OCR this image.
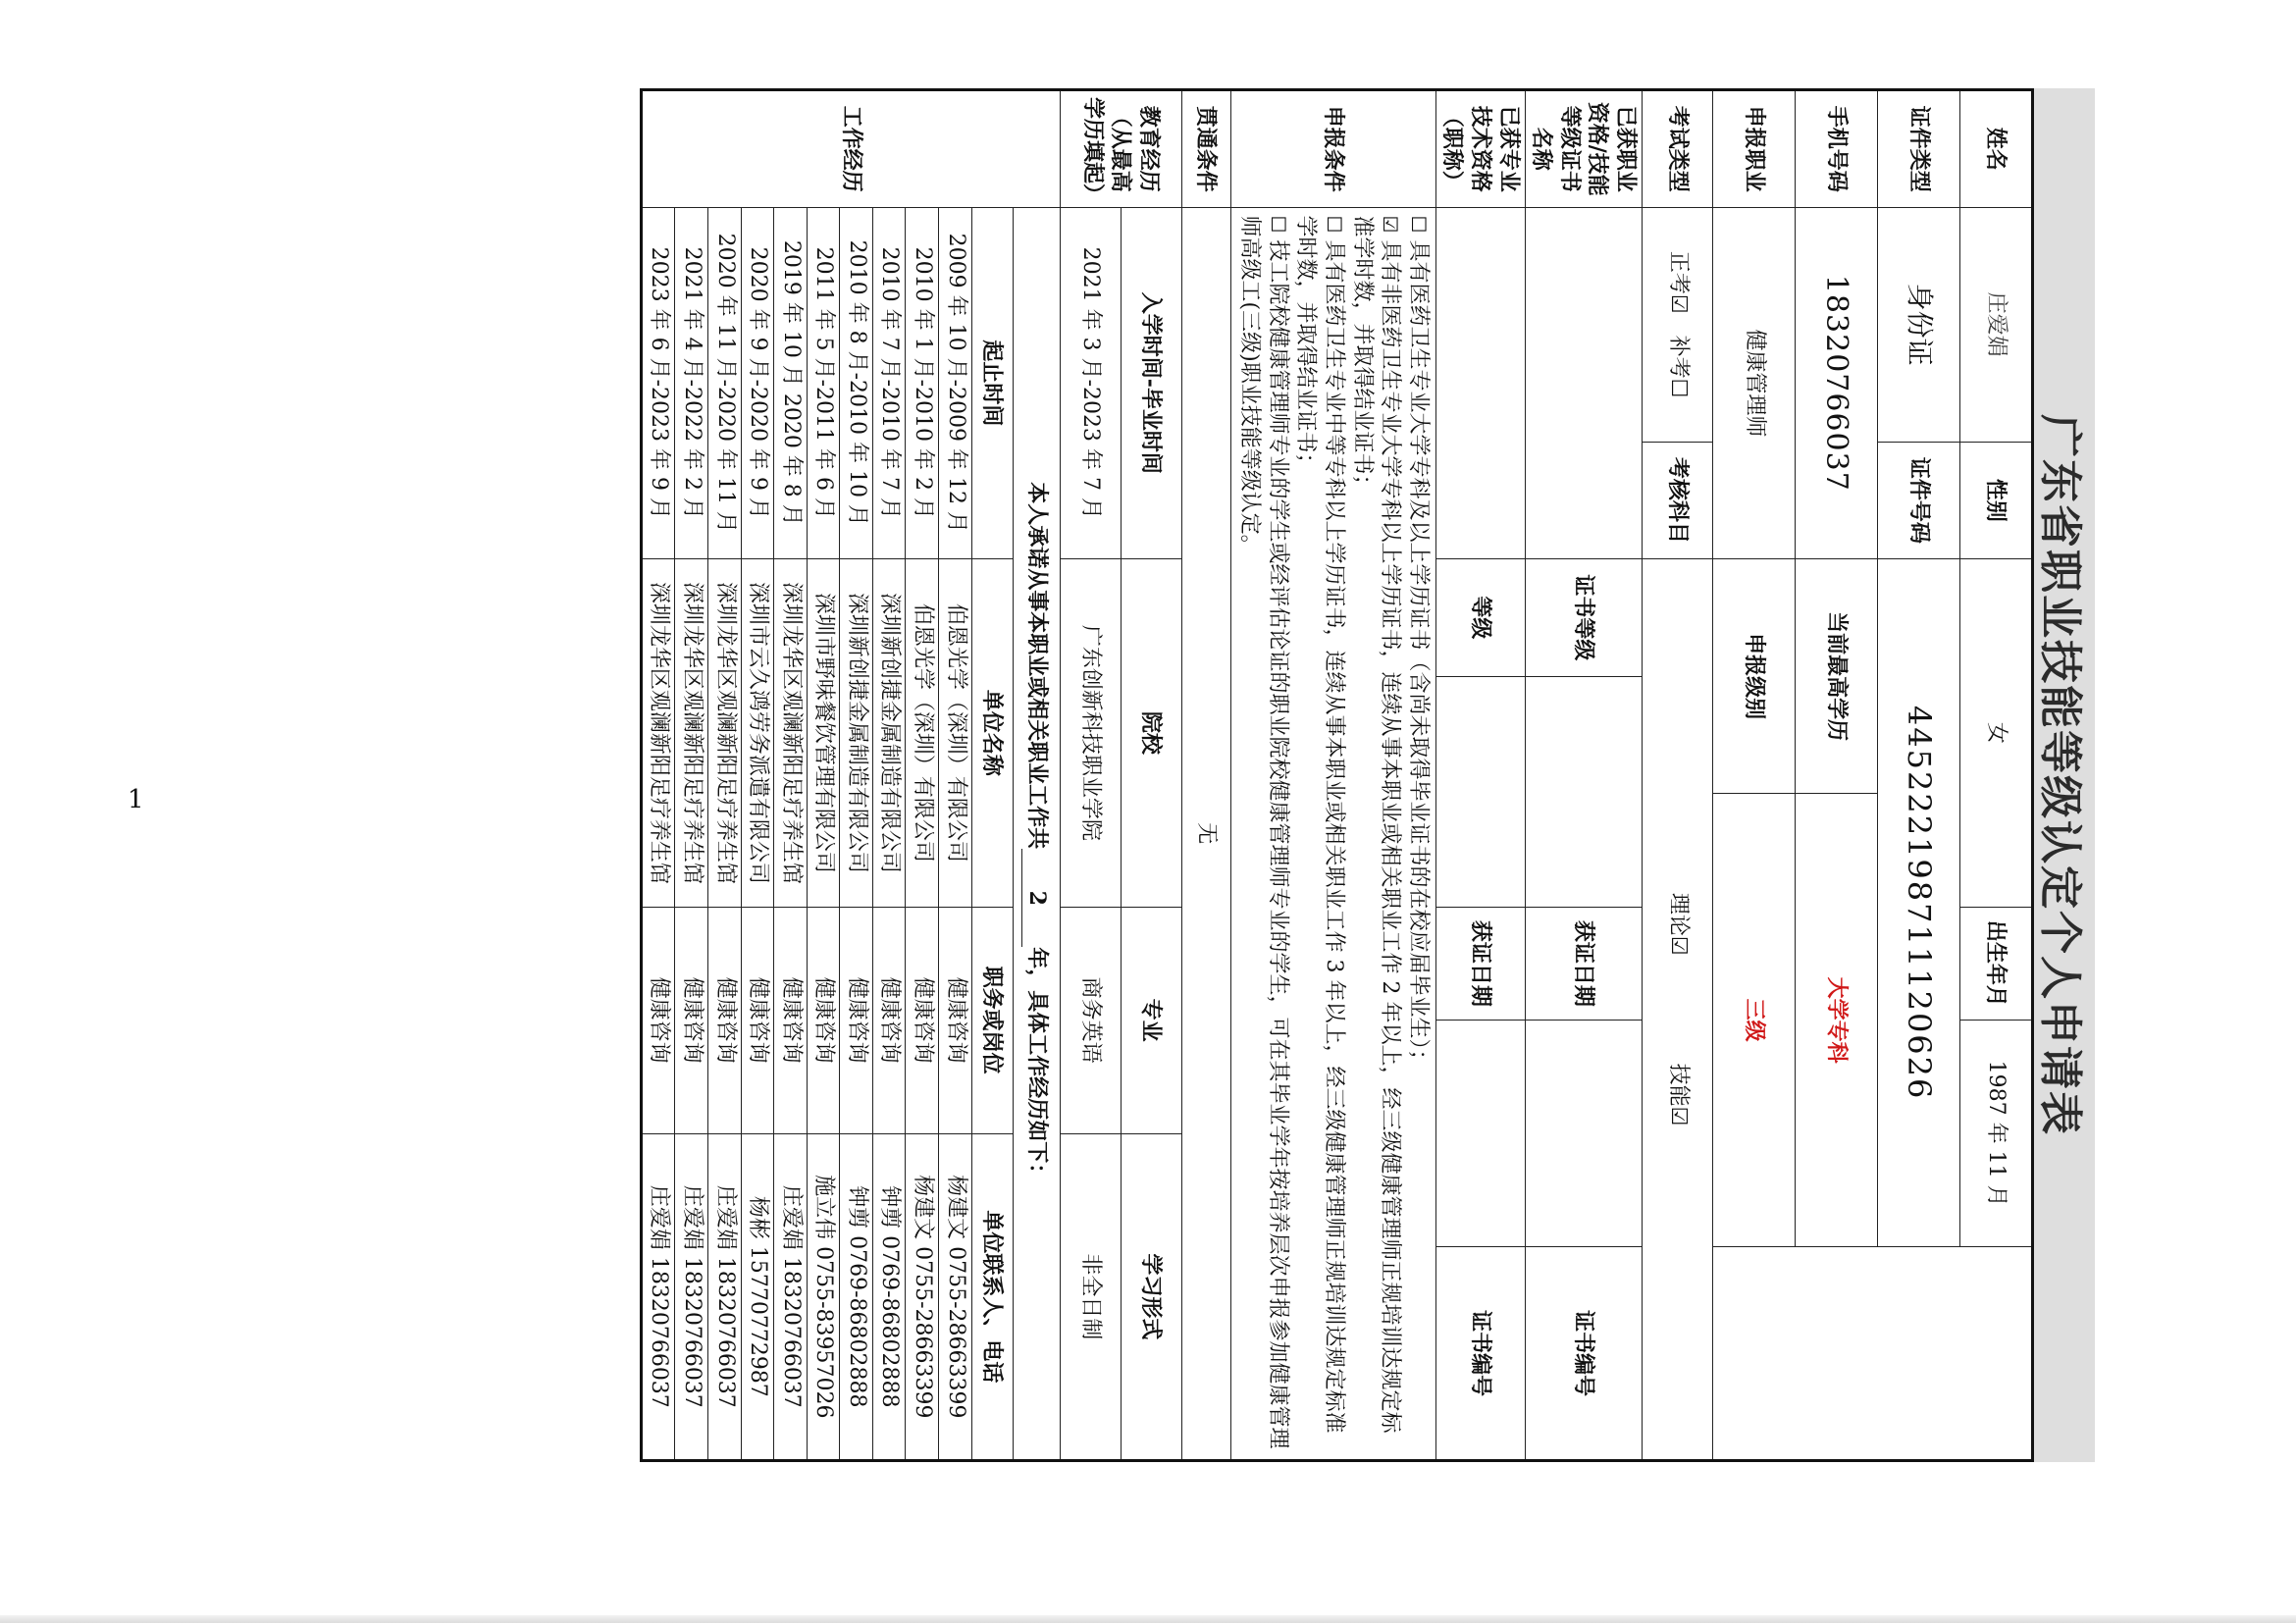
1	广东省职业技能等级认定个人申请表
姓名	庄爱娟	性别	女			出生年月	1987 年 11 月		

证件类型	身份证	证件号码	445222198711120626						
手机号码	18320766037		当前最高学历		大学专科				
申报职业	健康管理师		申报级别		三级				
考试类型	正考☑　补考☐	考核科目	理论☑　　　　　技能☑						
已获职业资格/技能等级证书名称			证书等级			获证日期			证书编号
已获专业技术资格（职称）			等级			获证日期			证书编号
申报条件	☐ 具有医药卫生专业大学专科及以上学历证书（含尚未取得毕业证书的在校应届毕业生）；

☑ 具有非医药卫生专业大学专科以上学历证书，连续从事本职业或相关职业工作 2 年以上，经三级健康管理师正规培训达规定标准学时数，并取得结业证书；

☐ 具有医药卫生专业中等专科以上学历证书，连续从事本职业或相关职业工作 3 年以上，经三级健康管理师正规培训达规定标准学时数，并取得结业证书；

☐ 技工院校健康管理师专业的学生或经评估论证的职业院校健康管理师专业的学生，可在其毕业学年按培养层次申报参加健康管理师高级工(三级)职业技能等级认定。								

贯通条件	无								
教育经历（从最高学历填起）	入学时间-毕业时间		院校			专业		学习形式	
	2021 年 3 月-2023 年 7 月		广东创新科技职业学院			商务英语		非全日制	
工作经历	本人承诺从事本职业或相关职业工作共2年，具体工作经历如下：								
	起止时间		单位名称			职务或岗位		单位联系人、电话	
	2009 年 10 月-2009 年 12 月		伯恩光学（深圳）有限公司			健康咨询		杨建文 0755-28663399	
	2010 年 1 月-2010 年 2 月		伯恩光学（深圳）有限公司			健康咨询		杨建文 0755-28663399	
	2010 年 7 月-2010 年 7 月		深圳新创捷金属制造有限公司			健康咨询		钟剪 0769-86802888	
	2010 年 8 月-2010 年 10 月		深圳新创捷金属制造有限公司			健康咨询		钟剪 0769-86802888	
	2011 年 5 月-2011 年 6 月		深圳市野味餐饮管理有限公司			健康咨询		施立伟 0755-83957026	
	2019 年 10 月 2020 年 8 月		深圳龙华区观澜新阳足疗养生馆			健康咨询		庄爱娟 18320766037	
	2020 年 9 月-2020 年 9 月		深圳市云久鸿劳务派遣有限公司			健康咨询		杨彬 15770772987	
	2020 年 11 月-2020 年 11 月		深圳龙华区观澜新阳足疗养生馆			健康咨询		庄爱娟 18320766037	
	2021 年 4 月-2022 年 2 月		深圳龙华区观澜新阳足疗养生馆			健康咨询		庄爱娟 18320766037	
	2023 年 6 月-2023 年 9 月		深圳龙华区观澜新阳足疗养生馆			健康咨询		庄爱娟 18320766037	
